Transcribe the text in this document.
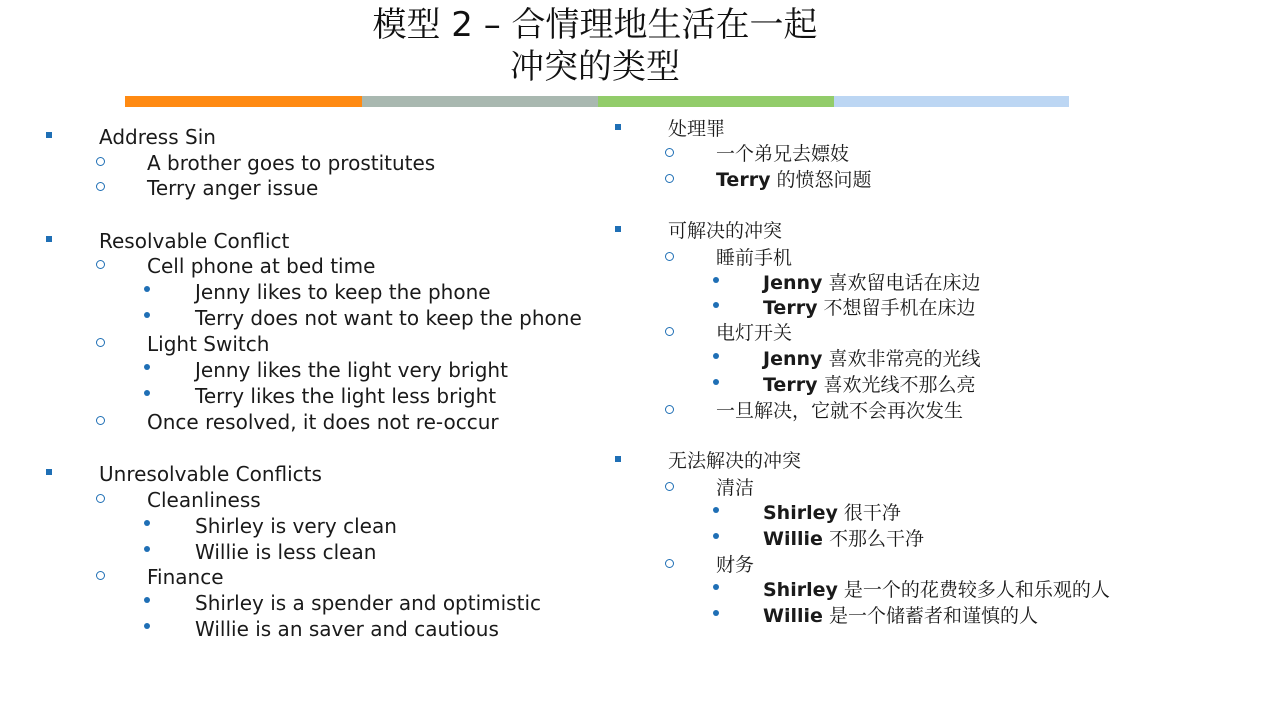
模型 2 – 合情理地生活在一起
冲突的类型
Address Sin
A brother goes to prostitutes
Terry anger issue
Resolvable Conflict
Cell phone at bed time
Jenny likes to keep the phone
Terry does not want to keep the phone
Light Switch
Jenny likes the light very bright
Terry likes the light less bright
Once resolved, it does not re-occur
Unresolvable Conflicts
Cleanliness
Shirley is very clean
Willie is less clean
Finance
Shirley is a spender and optimistic
Willie is an saver and cautious
处理罪
一个弟兄去嫖妓
Terry 的愤怒问题
可解决的冲突
睡前手机
Jenny 喜欢留电话在床边
Terry 不想留手机在床边
电灯开关
Jenny 喜欢非常亮的光线
Terry 喜欢光线不那么亮
一旦解决，它就不会再次发生
无法解决的冲突
清洁
Shirley 很干净
Willie 不那么干净
财务
Shirley 是一个的花费较多人和乐观的人
Willie 是一个储蓄者和谨慎的人
